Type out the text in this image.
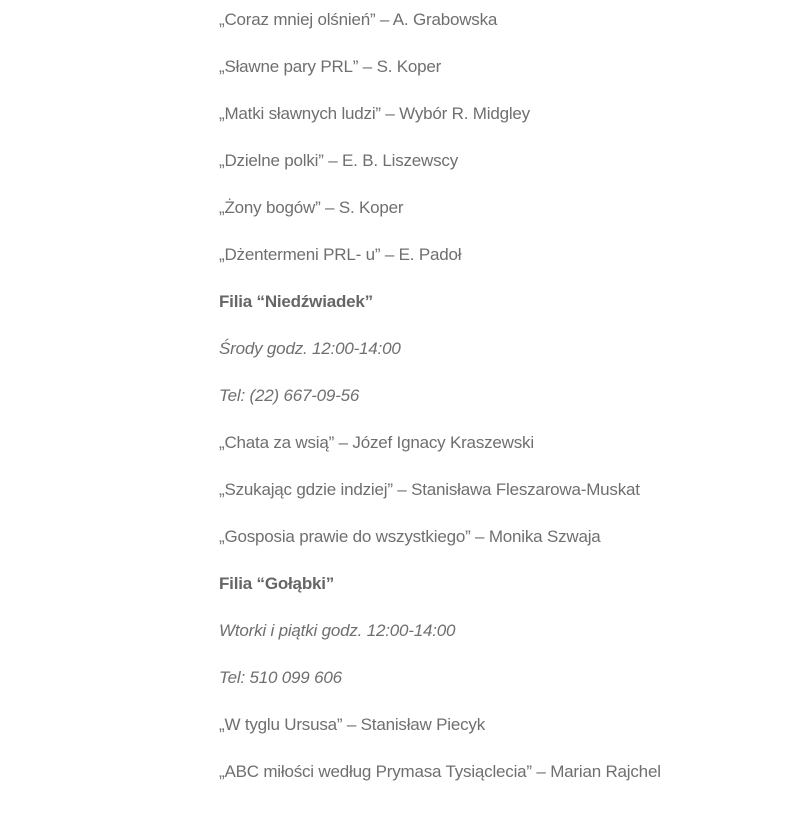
„Coraz mniej olśnień” – A. Grabowska

„Sławne pary PRL” – S. Koper

„Matki sławnych ludzi” – Wybór R. Midgley

„Dzielne polki” – E. B. Liszewscy

„Żony bogów” – S. Koper

„Dżentermeni PRL- u” – E. Padoł

Filia “Niedźwiadek”

Środy godz. 12:00-14:00

Tel: (22) 667-09-56

„Chata za wsią” – Józef Ignacy Kraszewski

„Szukając gdzie indziej” – Stanisława Fleszarowa-Muskat

„Gosposia prawie do wszystkiego” – Monika Szwaja

Filia “Gołąbki”

Wtorki i piątki godz. 12:00-14:00

Tel: 510 099 606

„W tyglu Ursusa” – Stanisław Piecyk

„ABC miłości według Prymasa Tysiąclecia” – Marian Rajchel
